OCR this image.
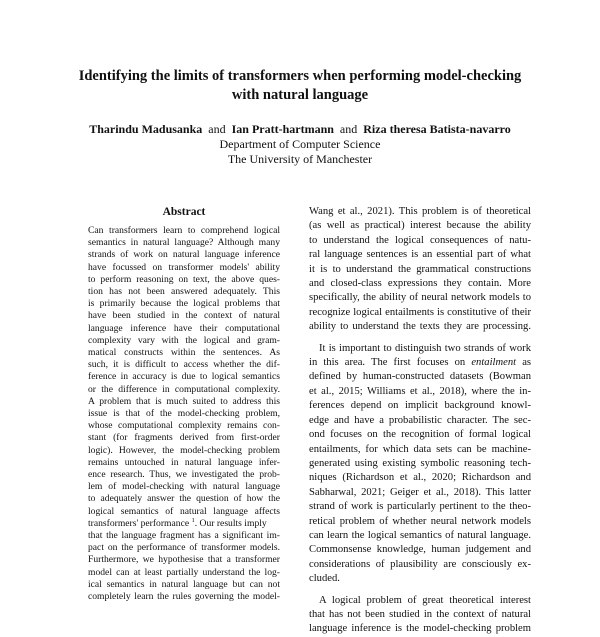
Identifying the limits of transformers when performing model-checking
with natural language
Tharindu Madusanka and Ian Pratt-hartmann and Riza theresa Batista-navarro
Department of Computer Science
The University of Manchester
Abstract
Can transformers learn to comprehend logical
semantics in natural language? Although many
strands of work on natural language inference
have focussed on transformer models' ability
to perform reasoning on text, the above ques-
tion has not been answered adequately. This
is primarily because the logical problems that
have been studied in the context of natural
language inference have their computational
complexity vary with the logical and gram-
matical constructs within the sentences. As
such, it is difficult to access whether the dif-
ference in accuracy is due to logical semantics
or the difference in computational complexity.
A problem that is much suited to address this
issue is that of the model-checking problem,
whose computational complexity remains con-
stant (for fragments derived from first-order
logic). However, the model-checking problem
remains untouched in natural language infer-
ence research. Thus, we investigated the prob-
lem of model-checking with natural language
to adequately answer the question of how the
logical semantics of natural language affects
transformers' performance $^1$. Our results imply
that the language fragment has a significant im-
pact on the performance of transformer models.
Furthermore, we hypothesise that a transformer
model can at least partially understand the log-
ical semantics in natural language but can not
completely learn the rules governing the model-
Wang et al., 2021). This problem is of theoretical
(as well as practical) interest because the ability
to understand the logical consequences of natu-
ral language sentences is an essential part of what
it is to understand the grammatical constructions
and closed-class expressions they contain. More
specifically, the ability of neural network models to
recognize logical entailments is constitutive of their
ability to understand the texts they are processing.
It is important to distinguish two strands of work
in this area. The first focuses on entailment as
defined by human-constructed datasets (Bowman
et al., 2015; Williams et al., 2018), where the in-
ferences depend on implicit background knowl-
edge and have a probabilistic character. The sec-
ond focuses on the recognition of formal logical
entailments, for which data sets can be machine-
generated using existing symbolic reasoning tech-
niques (Richardson et al., 2020; Richardson and
Sabharwal, 2021; Geiger et al., 2018). This latter
strand of work is particularly pertinent to the theo-
retical problem of whether neural network models
can learn the logical semantics of natural language.
Commonsense knowledge, human judgement and
considerations of plausibility are consciously ex-
cluded.
A logical problem of great theoretical interest
that has not been studied in the context of natural
language inference is the model-checking problem
